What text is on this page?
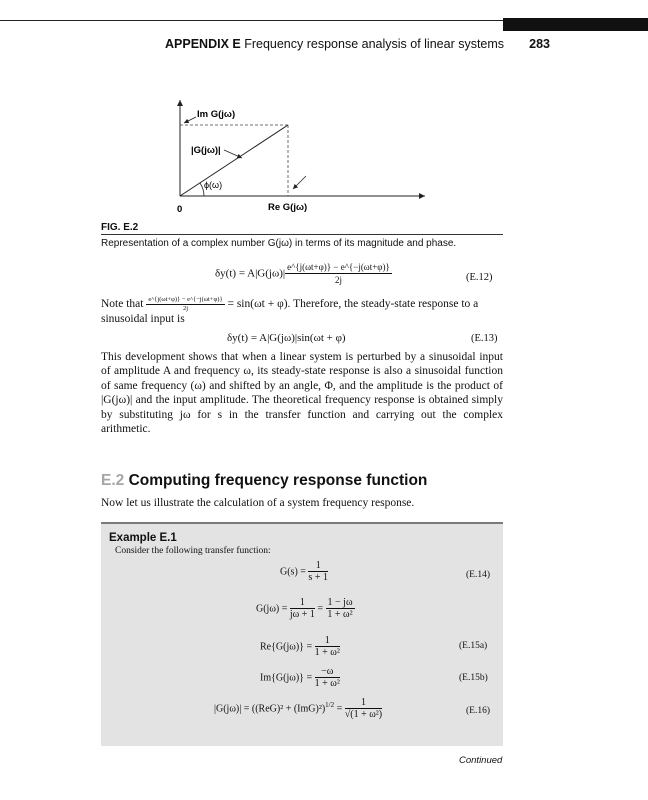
APPENDIX E Frequency response analysis of linear systems 283
Im G(jω)
|G(jω)|
ϕ(ω)
0	Re G(jω)
FIG. E.2
Representation of a complex number G(jω) in terms of its magnitude and phase.
$\delta y(t) = A|G(j\omega)| \frac{e\^{}\{j(\omega t+\varphi)\} - e\^{}\{-j(\omega t+\varphi)\}}{2j}$	(E.12)
Note that $\frac{e\^{}\{j(\omega t+\varphi)\} - e\^{}\{-j(\omega t+\varphi)\}}{2j} = \sin(\omega t + \varphi)$. Therefore, the steady-state response to a
sinusoidal input is
δy(t) = A|G(jω)|sin(ωt + φ)	(E.13)
This development shows that when a linear system is perturbed by a sinusoidal input of amplitude A and frequency ω, its steady-state response is also a sinusoidal function of same frequency (ω) and shifted by an angle, Φ, and the amplitude is the product of |G(jω)| and the input amplitude. The theoretical frequency response is obtained simply by substituting jω for s in the transfer function and carrying out the complex arithmetic.
E.2 Computing frequency response function
Now let us illustrate the calculation of a system frequency response.
Example E.1
Consider the following transfer function:
$G(s) = \frac{1}{s + 1}$	(E.14)
$G(j\omega) = \frac{1}{j\omega + 1} = \frac{1 - j\omega}{\text{1 + ω²}}$
$Re\{G(j\omega)\} = \frac{1}{\text{1 + ω²}}$	(E.15a)
$Im\{G(j\omega)\} = \frac{-\omega}{\text{1 + ω²}}$	(E.15b)
$|G(j\omega)| = ((ReG)^2 + (ImG)^2)^{1/2} = \frac{1}{\text{√(1 + ω²)}}$	(E.16)
Continued
